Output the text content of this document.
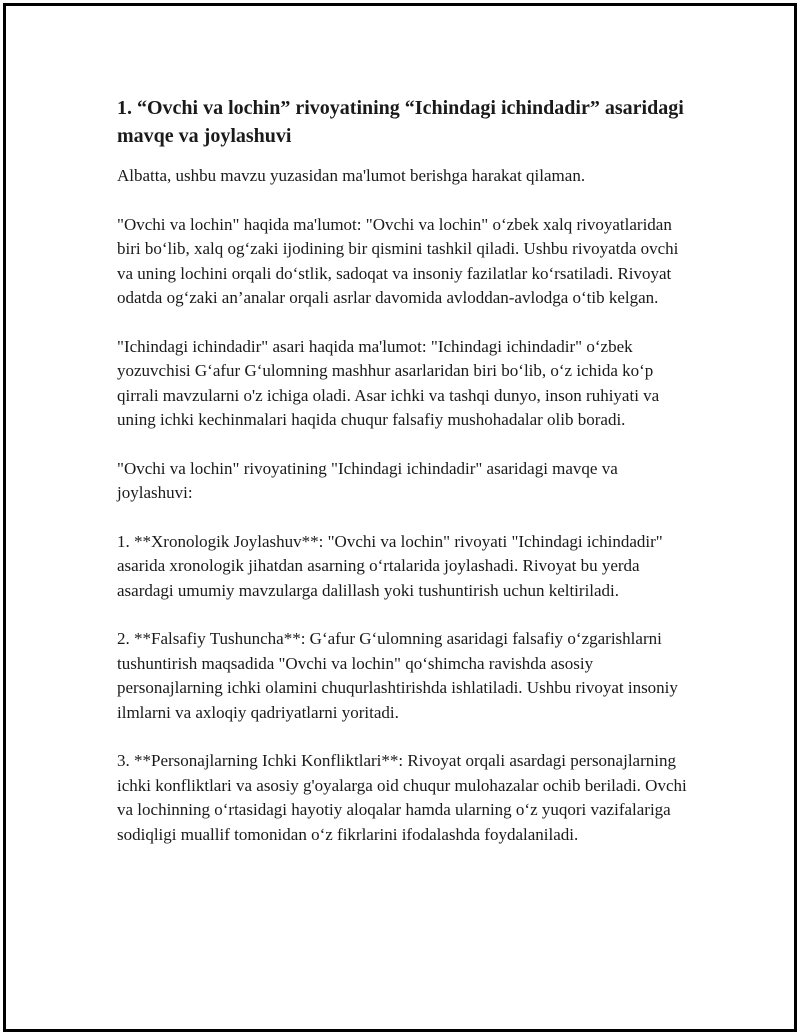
1. “Ovchi va lochin” rivoyatining “Ichindagi ichindadir” asaridagi mavqe va joylashuvi

Albatta, ushbu mavzu yuzasidan ma'lumot berishga harakat qilaman.

"Ovchi va lochin" haqida ma'lumot: "Ovchi va lochin" o‘zbek xalq rivoyatlaridan biri bo‘lib, xalq og‘zaki ijodining bir qismini tashkil qiladi. Ushbu rivoyatda ovchi va uning lochini orqali do‘stlik, sadoqat va insoniy fazilatlar ko‘rsatiladi. Rivoyat odatda og‘zaki an’analar orqali asrlar davomida avloddan-avlodga o‘tib kelgan.

"Ichindagi ichindadir" asari haqida ma'lumot: "Ichindagi ichindadir" o‘zbek yozuvchisi G‘afur G‘ulomning mashhur asarlaridan biri bo‘lib, o‘z ichida ko‘p qirrali mavzularni o'z ichiga oladi. Asar ichki va tashqi dunyo, inson ruhiyati va uning ichki kechinmalari haqida chuqur falsafiy mushohadalar olib boradi.

"Ovchi va lochin" rivoyatining "Ichindagi ichindadir" asaridagi mavqe va joylashuvi:

1. **Xronologik Joylashuv**: "Ovchi va lochin" rivoyati "Ichindagi ichindadir" asarida xronologik jihatdan asarning o‘rtalarida joylashadi. Rivoyat bu yerda asardagi umumiy mavzularga dalillash yoki tushuntirish uchun keltiriladi.

2. **Falsafiy Tushuncha**: G‘afur G‘ulomning asaridagi falsafiy o‘zgarishlarni tushuntirish maqsadida "Ovchi va lochin" qo‘shimcha ravishda asosiy personajlarning ichki olamini chuqurlashtirishda ishlatiladi. Ushbu rivoyat insoniy ilmlarni va axloqiy qadriyatlarni yoritadi.

3. **Personajlarning Ichki Konfliktlari**: Rivoyat orqali asardagi personajlarning ichki konfliktlari va asosiy g'oyalarga oid chuqur mulohazalar ochib beriladi. Ovchi va lochinning o‘rtasidagi hayotiy aloqalar hamda ularning o‘z yuqori vazifalariga sodiqligi muallif tomonidan o‘z fikrlarini ifodalashda foydalaniladi.
